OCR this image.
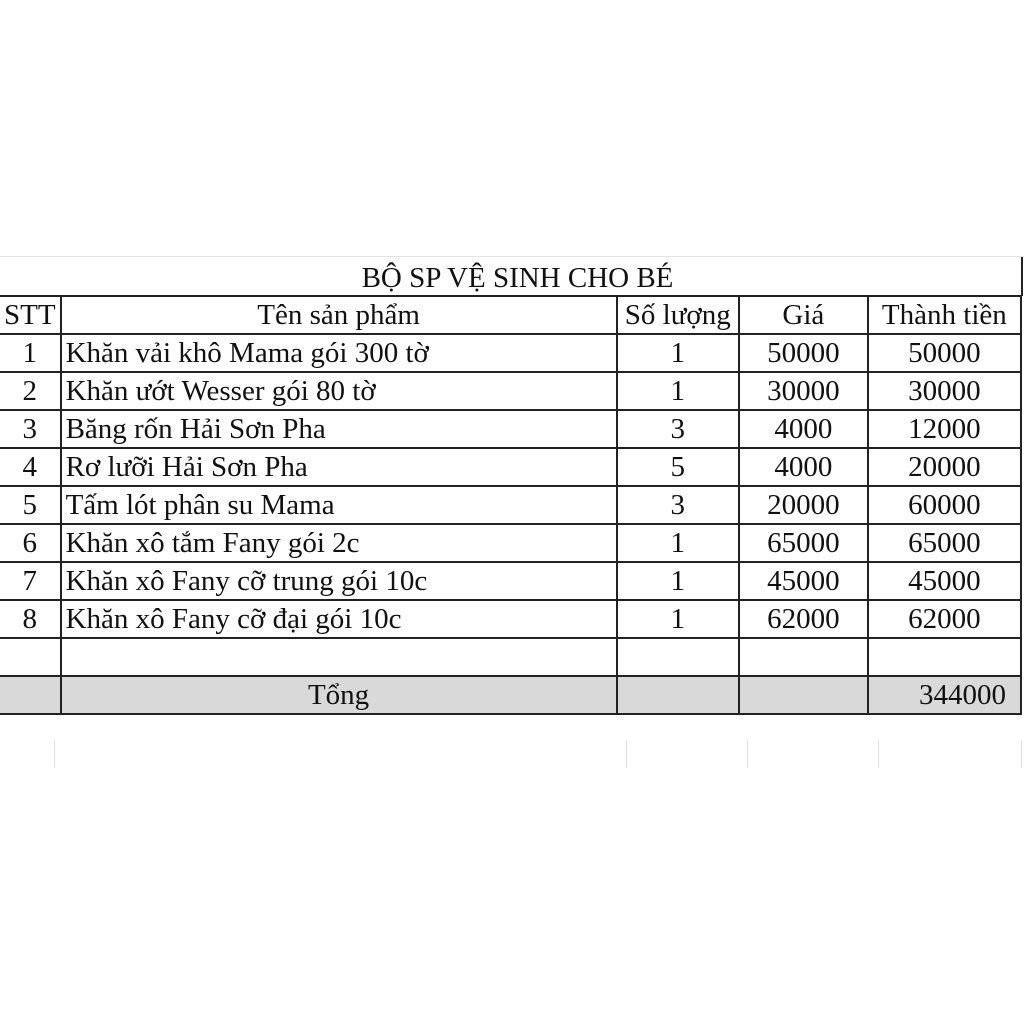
BỘ SP VỆ SINH CHO BÉ
STT	Tên sản phẩm	Số lượng	Giá	Thành tiền
1	Khăn vải khô Mama gói 300 tờ	1	50000	50000
2	Khăn ướt Wesser gói 80 tờ	1	30000	30000
3	Băng rốn Hải Sơn Pha	3	4000	12000
4	Rơ lưỡi Hải Sơn Pha	5	4000	20000
5	Tấm lót phân su Mama	3	20000	60000
6	Khăn xô tắm Fany gói 2c	1	65000	65000
7	Khăn xô Fany cỡ trung gói 10c	1	45000	45000
8	Khăn xô Fany cỡ đại gói 10c	1	62000	62000

	Tổng			344000
